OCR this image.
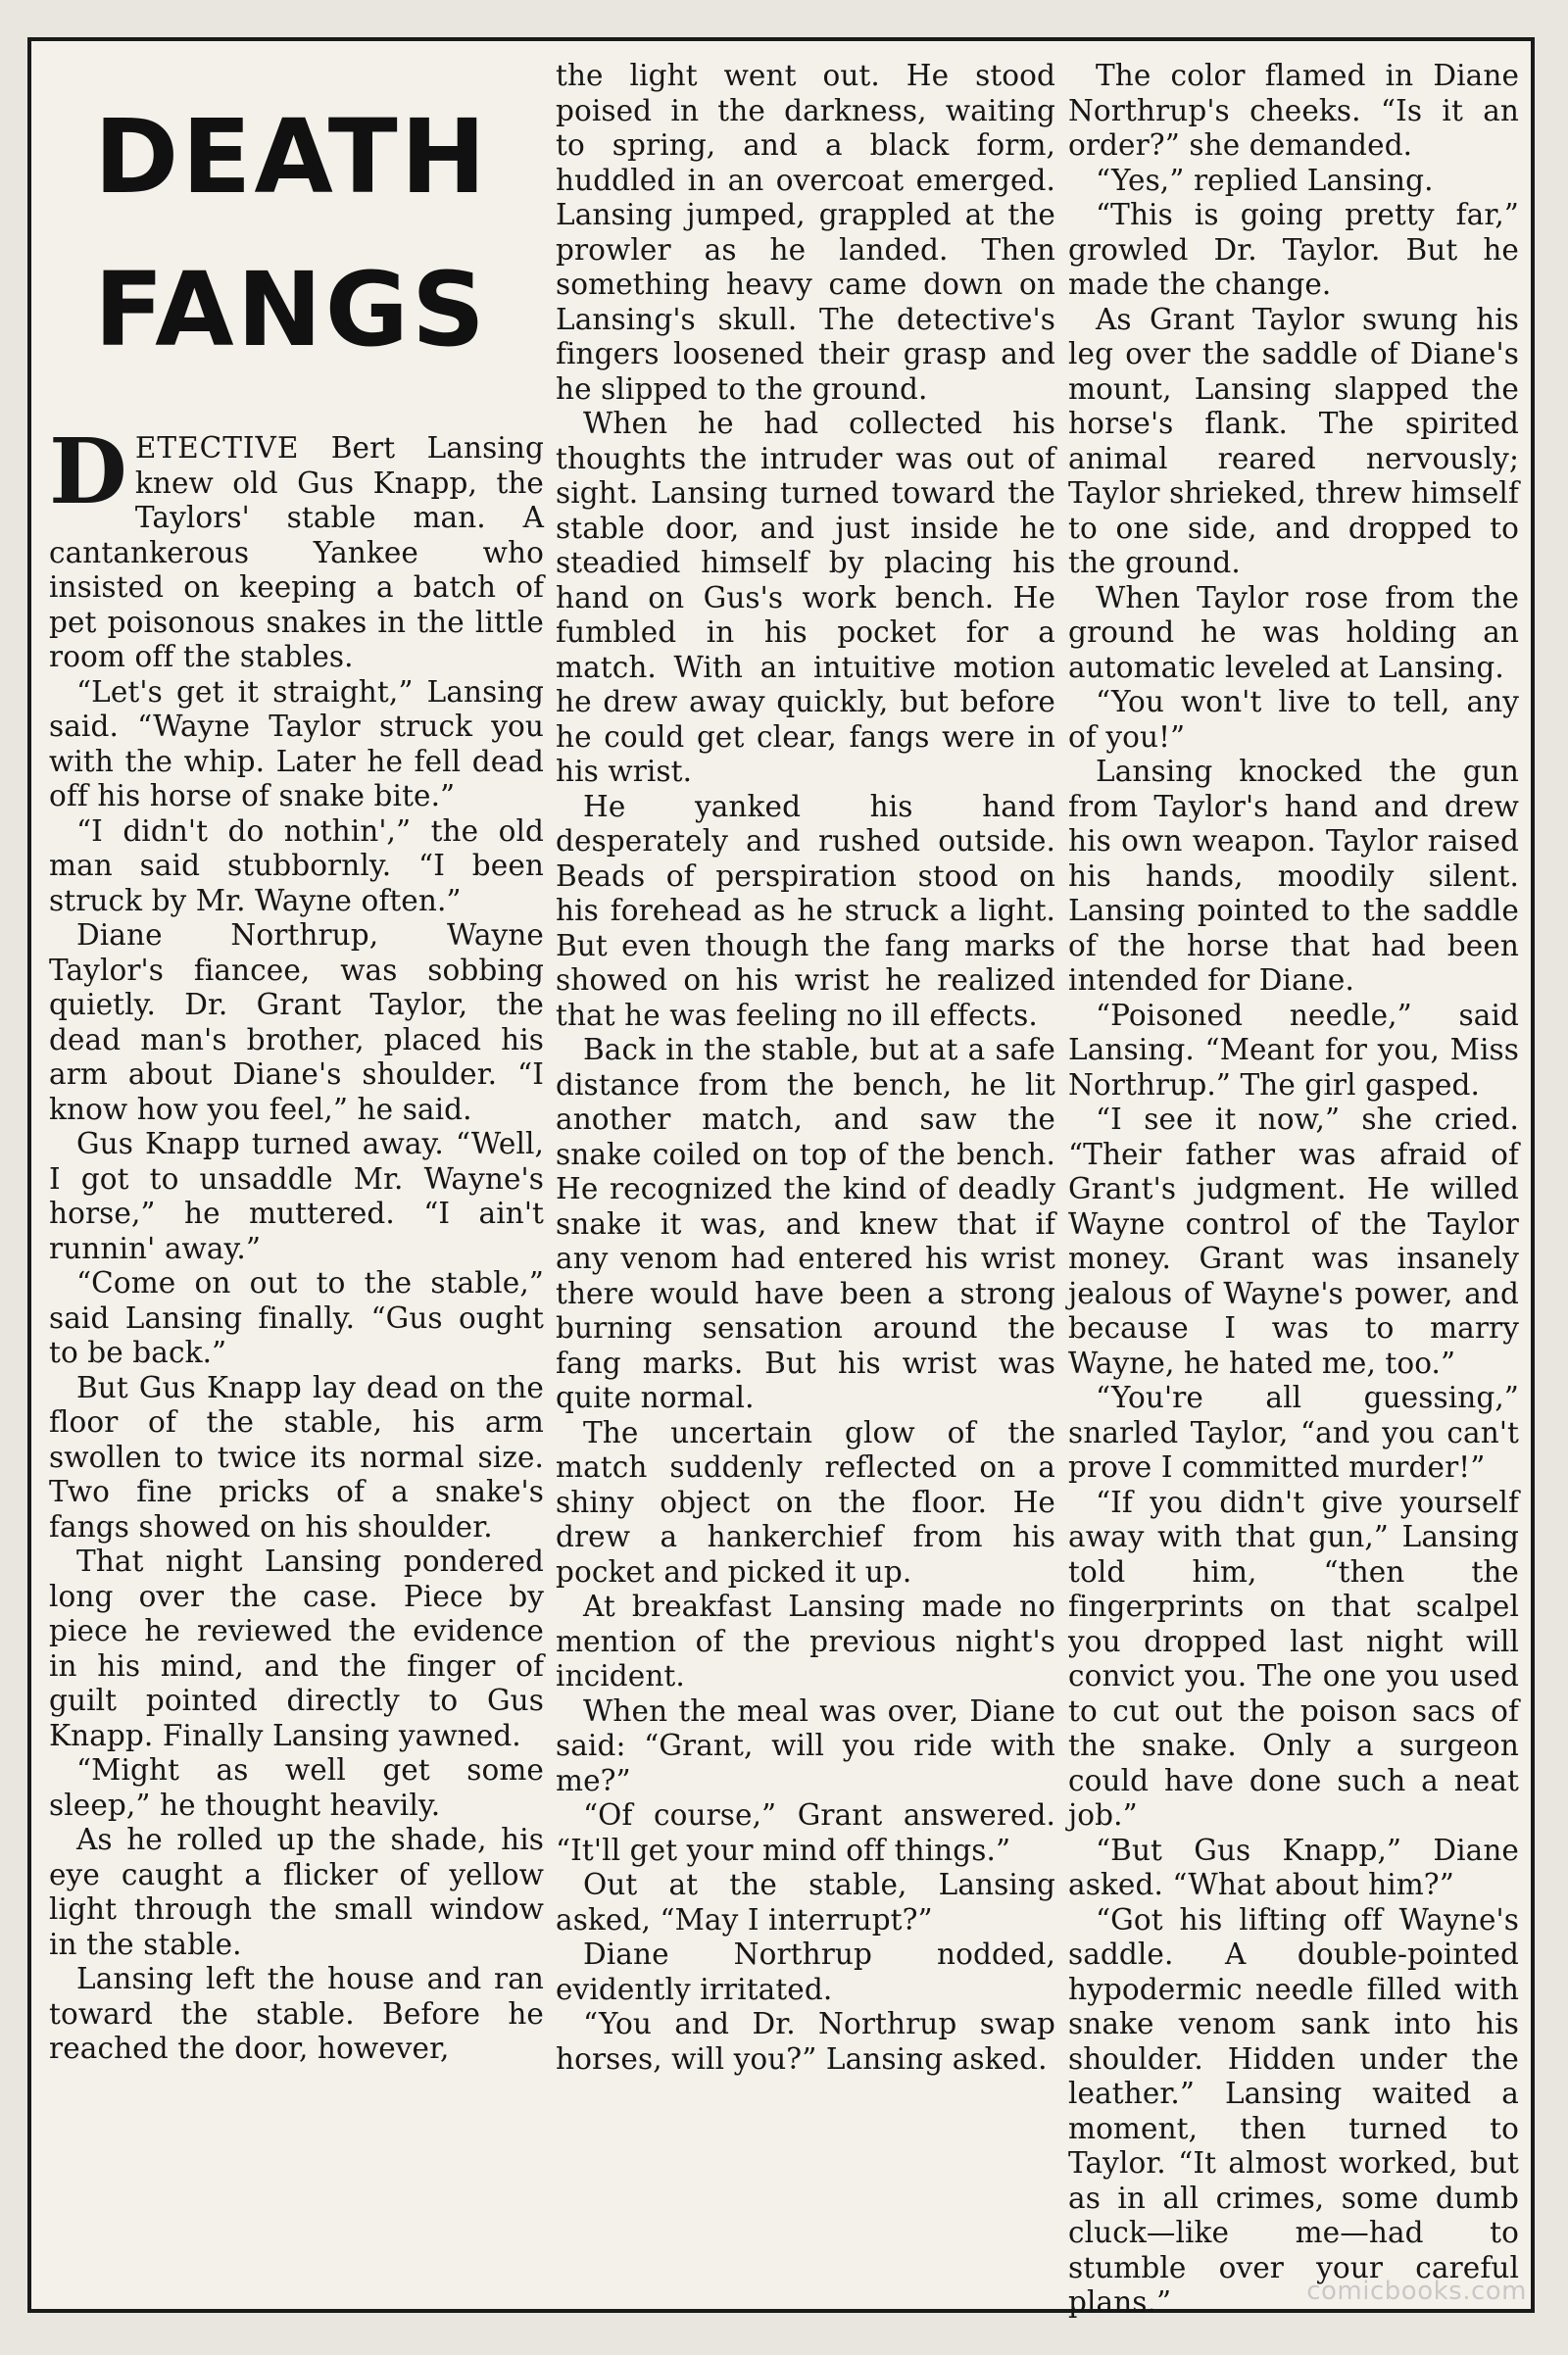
DEATH
FANGS

DETECTIVE Bert Lansing knew old Gus Knapp, the Taylors' stable man. A cantankerous Yankee who insisted on keeping a batch of pet poisonous snakes in the little room off the stables.

“Let's get it straight,” Lansing said. “Wayne Taylor struck you with the whip. Later he fell dead off his horse of snake bite.”

“I didn't do nothin',” the old man said stubbornly. “I been struck by Mr. Wayne often.”

Diane Northrup, Wayne Taylor's fiancee, was sobbing quietly. Dr. Grant Taylor, the dead man's brother, placed his arm about Diane's shoulder. “I know how you feel,” he said.

Gus Knapp turned away. “Well, I got to unsaddle Mr. Wayne's horse,” he muttered. “I ain't runnin' away.”

“Come on out to the stable,” said Lansing finally. “Gus ought to be back.”

But Gus Knapp lay dead on the floor of the stable, his arm swollen to twice its normal size. Two fine pricks of a snake's fangs showed on his shoulder.

That night Lansing pondered long over the case. Piece by piece he reviewed the evidence in his mind, and the finger of guilt pointed directly to Gus Knapp. Finally Lansing yawned.

“Might as well get some sleep,” he thought heavily.

As he rolled up the shade, his eye caught a flicker of yellow light through the small window in the stable.

Lansing left the house and ran toward the stable. Before he reached the door, however,

the light went out. He stood poised in the darkness, waiting to spring, and a black form, huddled in an overcoat emerged. Lansing jumped, grappled at the prowler as he landed. Then something heavy came down on Lansing's skull. The detective's fingers loosened their grasp and he slipped to the ground.

When he had collected his thoughts the intruder was out of sight. Lansing turned toward the stable door, and just inside he steadied himself by placing his hand on Gus's work bench. He fumbled in his pocket for a match. With an intuitive motion he drew away quickly, but before he could get clear, fangs were in his wrist.

He yanked his hand desperately and rushed outside. Beads of perspiration stood on his forehead as he struck a light. But even though the fang marks showed on his wrist he realized that he was feeling no ill effects.

Back in the stable, but at a safe distance from the bench, he lit another match, and saw the snake coiled on top of the bench. He recognized the kind of deadly snake it was, and knew that if any venom had entered his wrist there would have been a strong burning sensation around the fang marks. But his wrist was quite normal.

The uncertain glow of the match suddenly reflected on a shiny object on the floor. He drew a hankerchief from his pocket and picked it up.

At breakfast Lansing made no mention of the previous night's incident.

When the meal was over, Diane said: “Grant, will you ride with me?”

“Of course,” Grant answered. “It'll get your mind off things.”

Out at the stable, Lansing asked, “May I interrupt?”

Diane Northrup nodded, evidently irritated.

“You and Dr. Northrup swap horses, will you?” Lansing asked.

The color flamed in Diane Northrup's cheeks. “Is it an order?” she demanded.

“Yes,” replied Lansing.

“This is going pretty far,” growled Dr. Taylor. But he made the change.

As Grant Taylor swung his leg over the saddle of Diane's mount, Lansing slapped the horse's flank. The spirited animal reared nervously; Taylor shrieked, threw himself to one side, and dropped to the ground.

When Taylor rose from the ground he was holding an automatic leveled at Lansing.

“You won't live to tell, any of you!”

Lansing knocked the gun from Taylor's hand and drew his own weapon. Taylor raised his hands, moodily silent. Lansing pointed to the saddle of the horse that had been intended for Diane.

“Poisoned needle,” said Lansing. “Meant for you, Miss Northrup.” The girl gasped.

“I see it now,” she cried. “Their father was afraid of Grant's judgment. He willed Wayne control of the Taylor money. Grant was insanely jealous of Wayne's power, and because I was to marry Wayne, he hated me, too.”

“You're all guessing,” snarled Taylor, “and you can't prove I committed murder!”

“If you didn't give yourself away with that gun,” Lansing told him, “then the fingerprints on that scalpel you dropped last night will convict you. The one you used to cut out the poison sacs of the snake. Only a surgeon could have done such a neat job.”

“But Gus Knapp,” Diane asked. “What about him?”

“Got his lifting off Wayne's saddle. A double-pointed hypodermic needle filled with snake venom sank into his shoulder. Hidden under the leather.” Lansing waited a moment, then turned to Taylor. “It almost worked, but as in all crimes, some dumb cluck—like me—had to stumble over your careful plans.”	comicbooks.com
